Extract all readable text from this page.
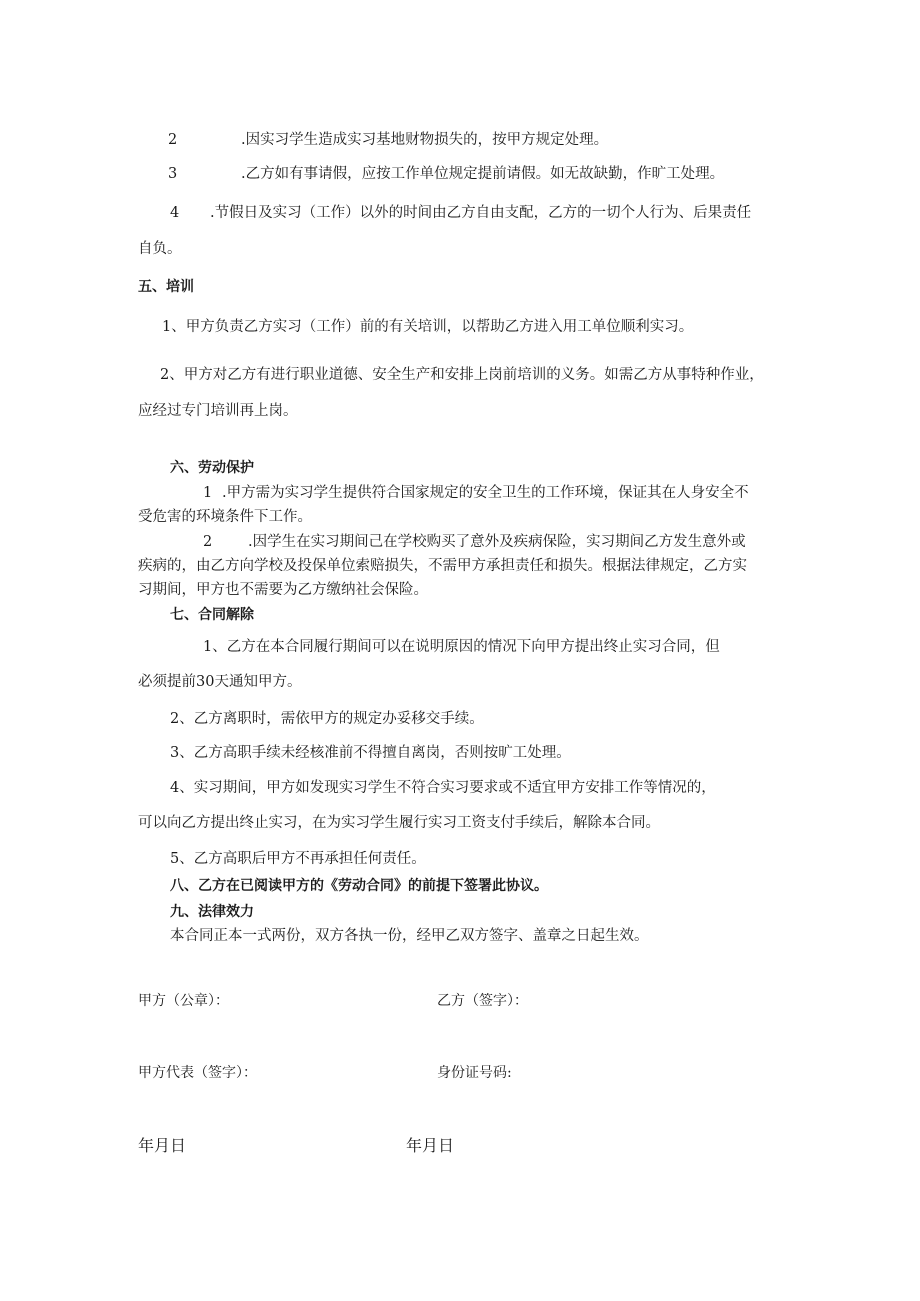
2	.因实习学生造成实习基地财物损失的，按甲方规定处理。
3	.乙方如有事请假，应按工作单位规定提前请假。如无故缺勤，作旷工处理。
4 .节假日及实习（工作）以外的时间由乙方自由支配，乙方的一切个人行为、后果责任
自负。
五、培训
1、甲方负责乙方实习（工作）前的有关培训，以帮助乙方进入用工单位顺利实习。
2、甲方对乙方有进行职业道德、安全生产和安排上岗前培训的义务。如需乙方从事特种作业，
应经过专门培训再上岗。
六、劳动保护
1 .甲方需为实习学生提供符合国家规定的安全卫生的工作环境，保证其在人身安全不
受危害的环境条件下工作。
2 .因学生在实习期间己在学校购买了意外及疾病保险，实习期间乙方发生意外或
疾病的，由乙方向学校及投保单位索赔损失，不需甲方承担责任和损失。根据法律规定，乙方实
习期间，甲方也不需要为乙方缴纳社会保险。
七、合同解除
1、乙方在本合同履行期间可以在说明原因的情况下向甲方提出终止实习合同，但
必须提前30天通知甲方。
2、乙方离职时，需依甲方的规定办妥移交手续。
3、乙方高职手续未经核准前不得擅自离岗，否则按旷工处理。
4、实习期间，甲方如发现实习学生不符合实习要求或不适宜甲方安排工作等情况的，
可以向乙方提出终止实习，在为实习学生履行实习工资支付手续后，解除本合同。
5、乙方高职后甲方不再承担任何责任。
八、乙方在已阅读甲方的《劳动合同》的前提下签署此协议。
九、法律效力
本合同正本一式两份，双方各执一份，经甲乙双方签字、盖章之日起生效。
甲方（公章）：	乙方（签字）：
甲方代表（签字）：	身份证号码:
年月日	年月日
